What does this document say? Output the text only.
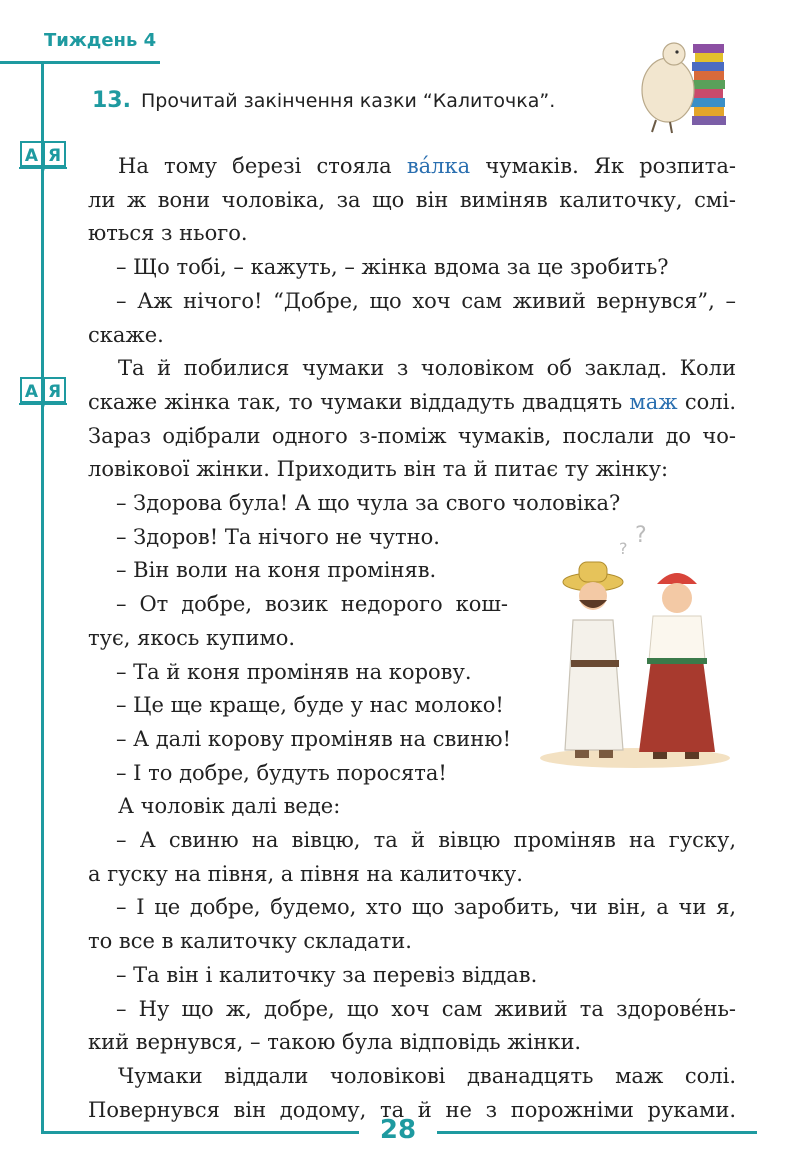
Тиждень 4
13. Прочитай закінчення казки “Калиточка”.
А Я
А Я
?
?

На тому березі стояла ва́лка чумаків. Як розпита-

ли ж вони чоловіка, за що він виміняв калиточку, смі-

ються з нього.

– Що тобі, – кажуть, – жінка вдома за це зробить?

– Аж нічого! “Добре, що хоч сам живий вернувся”, –

скаже.

Та й побилися чумаки з чоловіком об заклад. Коли

скаже жінка так, то чумаки віддадуть двадцять маж солі.

Зараз одібрали одного з-поміж чумаків, послали до чо-

ловікової жінки. Приходить він та й питає ту жінку:

– Здорова була! А що чула за свого чоловіка?

– Здоров! Та нічого не чутно.

– Він воли на коня проміняв.

– От добре, возик недорого кош-

тує, якось купимо.

– Та й коня проміняв на корову.

– Це ще краще, буде у нас молоко!

– А далі корову проміняв на свиню!

– І то добре, будуть поросята!

А чоловік далі веде:

– А свиню на вівцю, та й вівцю проміняв на гуску,

а гуску на півня, а півня на калиточку.

– І це добре, будемо, хто що заробить, чи він, а чи я,

то все в калиточку складати.

– Та він і калиточку за перевіз віддав.

– Ну що ж, добре, що хоч сам живий та здорове́нь-

кий вернувся, – такою була відповідь жінки.

Чумаки віддали чоловікові дванадцять маж солі.

Повернувся він додому, та й не з порожніми руками.

28
